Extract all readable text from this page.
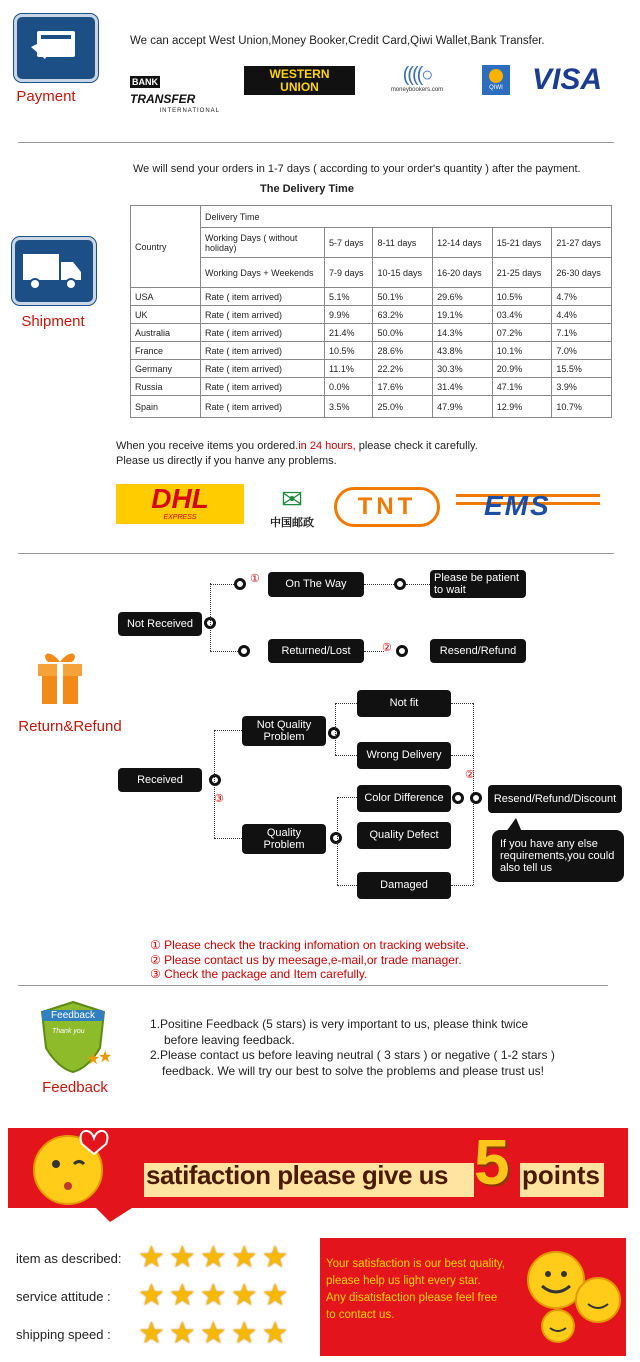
Payment
We can accept West Union,Money Booker,Credit Card,Qiwi Wallet,Bank Transfer.
BANK TRANSFER
INTERNATIONAL
WESTERN
UNION
((((○
moneybookers.com	QIWI VISA
We will send your orders in 1-7 days ( according to your order's quantity ) after the payment.
The Delivery Time
Shipment
Country	Delivery Time					
	Working Days ( without holiday)	5-7 days	8-11 days	12-14 days	15-21 days	21-27 days
	Working Days + Weekends	7-9 days	10-15 days	16-20 days	21-25 days	26-30 days
USA	Rate ( item arrived)	5.1%	50.1%	29.6%	10.5%	4.7%
UK	Rate ( item arrived)	9.9%	63.2%	19.1%	03.4%	4.4%
Australia	Rate ( item arrived)	21.4%	50.0%	14.3%	07.2%	7.1%
France	Rate ( item arrived)	10.5%	28.6%	43.8%	10.1%	7.0%
Germany	Rate ( item arrived)	11.1%	22.2%	30.3%	20.9%	15.5%
Russia	Rate ( item arrived)	0.0%	17.6%	31.4%	47.1%	3.9%
Spain	Rate ( item arrived)	3.5%	25.0%	47.9%	12.9%	10.7%
When you receive items you ordered.in 24 hours, please check it carefully.
Please us directly if you hanve any problems.
DHL
EXPRESS
✉
中国邮政
TNT	EMS
Return&Refund
Not Received
①	On The Way
Please be patient to wait
Returned/Lost	②	Resend/Refund
Received
③
Not Quality Problem
Quality Problem
Not fit
Wrong Delivery
Color Difference
Quality Defect
Damaged
②
Resend/Refund/Discount
If you have any else requirements,you could also tell us
① Please check the tracking infomation on tracking website.
② Please contact us by meesage,e-mail,or trade manager.
③ Check the package and Item carefully.
★
★
Feedback
Thank you
Feedback
1.Positine Feedback (5 stars) is very important to us, please think twice
before leaving feedback.
2.Please contact us before leaving neutral ( 3 stars ) or negative ( 1-2 stars )
feedback. We will try our best to solve the problems and please trust us!
satifaction please give us 5 points
item as described: ★ ★ ★ ★ ★
service attitude : ★ ★ ★ ★ ★
shipping speed : ★ ★ ★ ★ ★
Your satisfaction is our best quality,
please help us light every star.
Any disatisfaction please feel free
to contact us.
